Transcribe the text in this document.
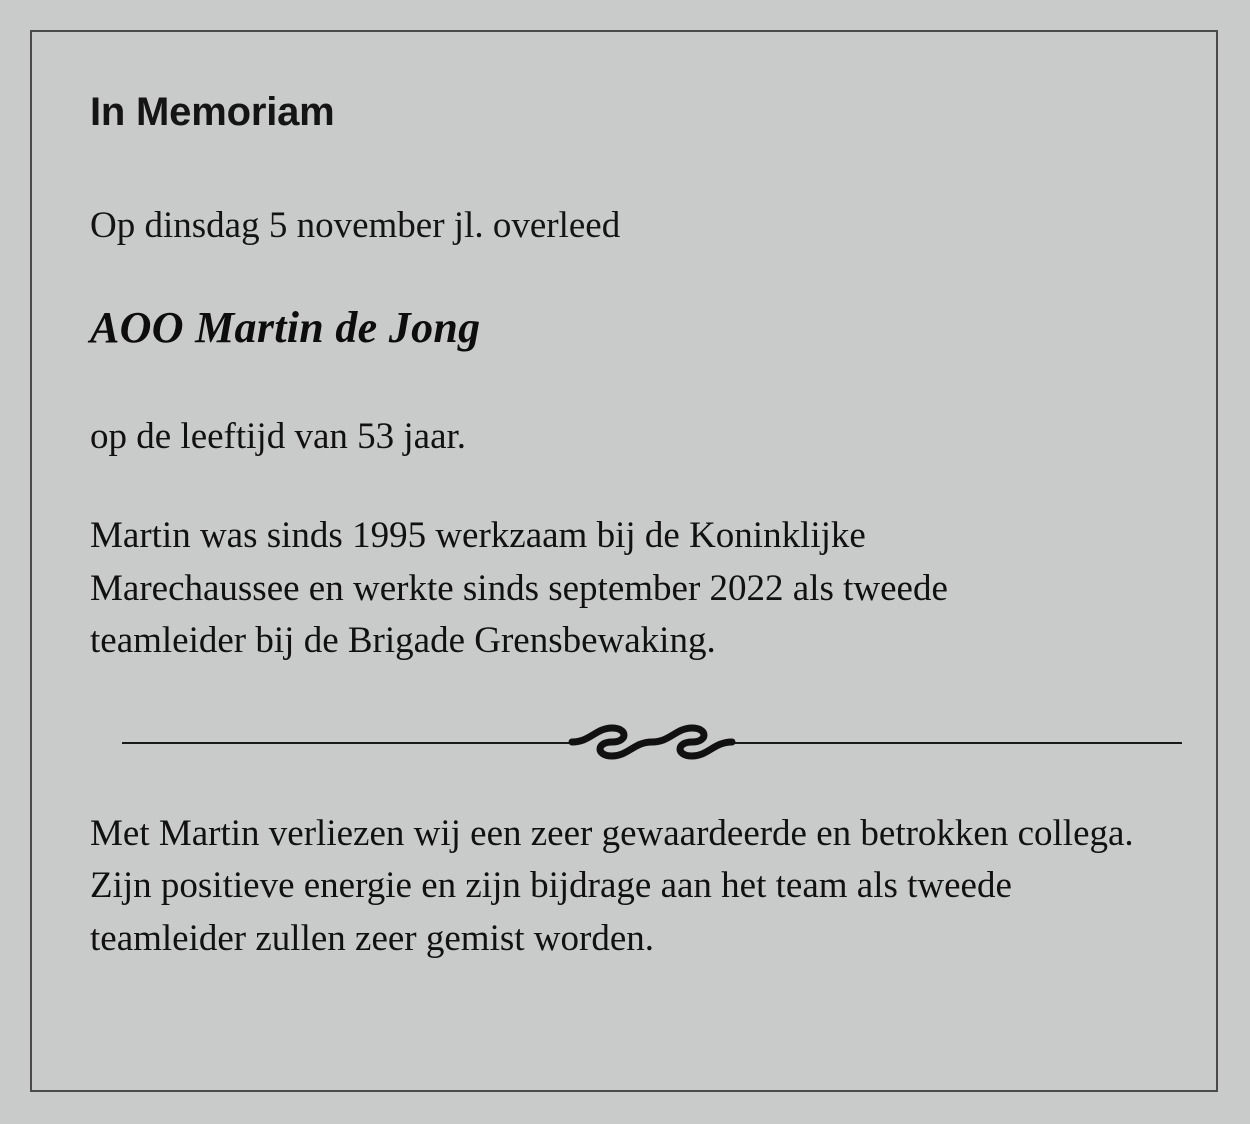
In Memoriam

Op dinsdag 5 november jl. overleed

AOO Martin de Jong

op de leeftijd van 53 jaar.

Martin was sinds 1995 werkzaam bij de Koninklijke Marechaussee en werkte sinds september 2022 als tweede teamleider bij de Brigade Grensbewaking.

Met Martin verliezen wij een zeer gewaardeerde en betrokken collega. Zijn positieve energie en zijn bijdrage aan het team als tweede teamleider zullen zeer gemist worden.
